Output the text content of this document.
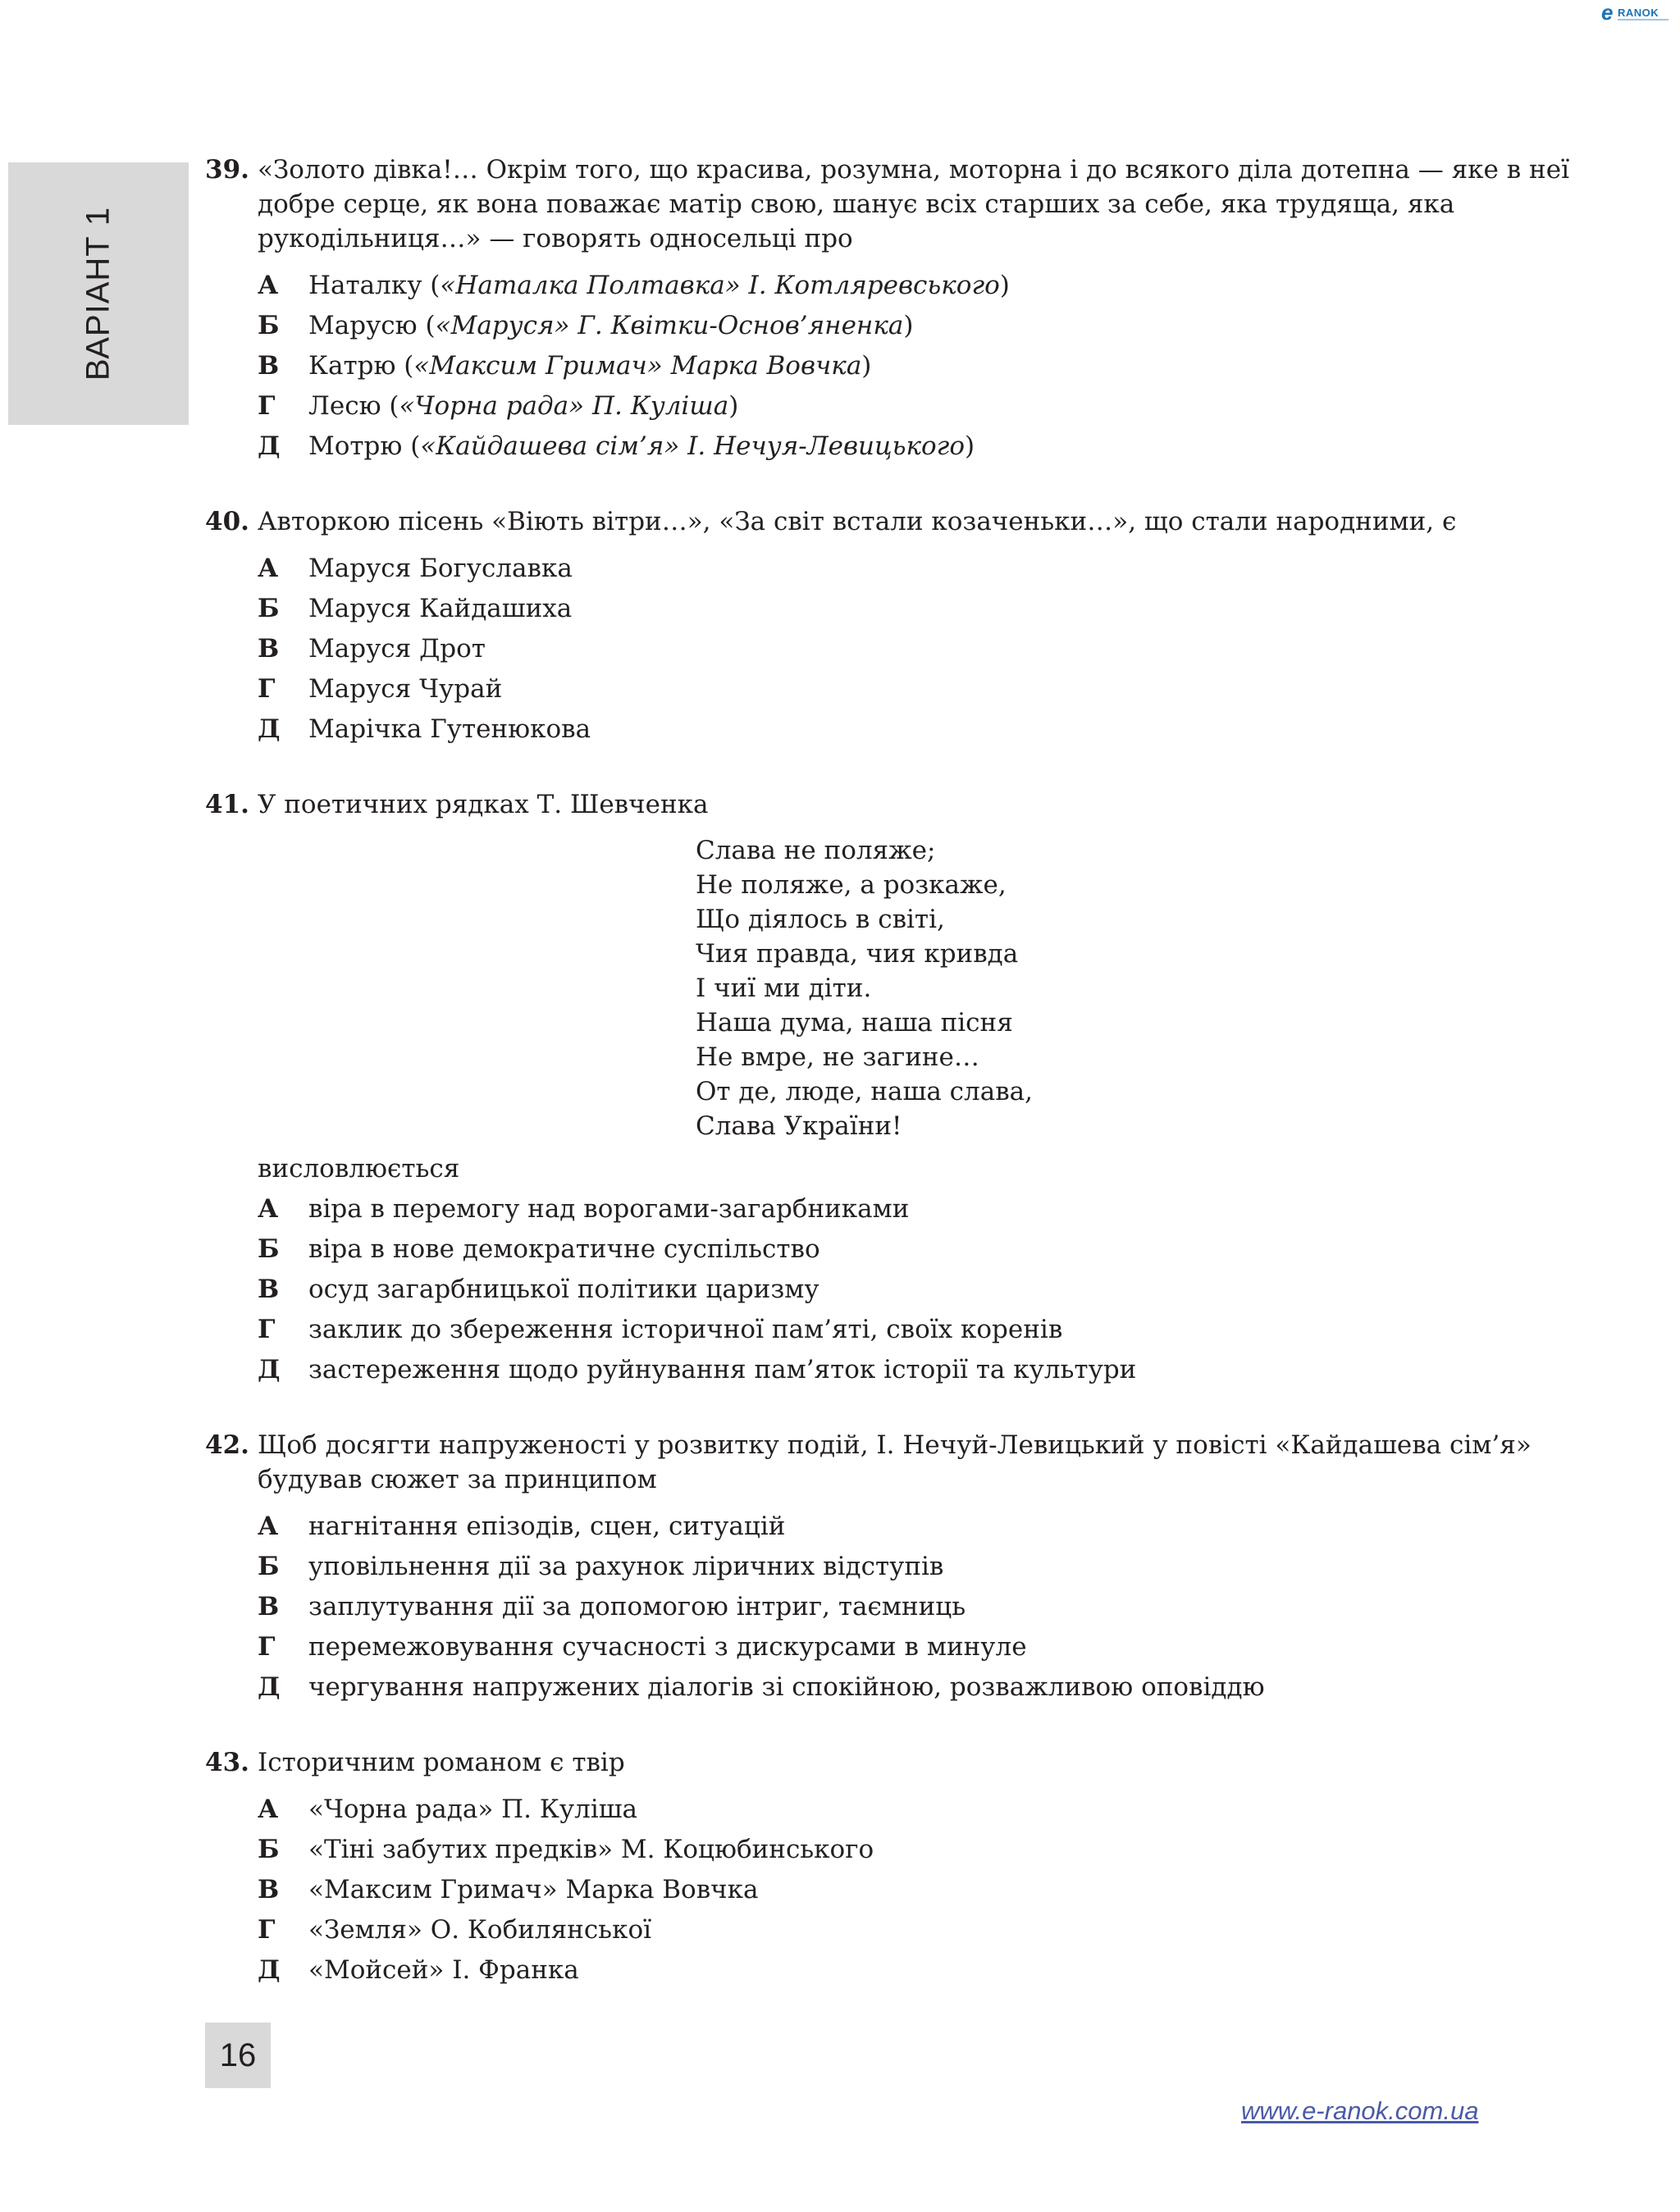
e RANOK
ВАРІАНТ 1
39. «Золото дівка!… Окрім того, що красива, розумна, моторна і до всякого діла дотепна — яке в неї добре серце, як вона поважає матір свою, шанує всіх старших за себе, яка трудяща, яка рукодільниця…» — говорять односельці про
А Наталку («Наталка Полтавка» І. Котляревського)
Б Марусю («Маруся» Г. Квітки-Основ’яненка)
В Катрю («Максим Гримач» Марка Вовчка)
Г Лесю («Чорна рада» П. Куліша)
Д Мотрю («Кайдашева сім’я» І. Нечуя-Левицького)
40. Авторкою пісень «Віють вітри…», «За світ встали козаченьки…», що стали народними, є
А Маруся Богуславка
Б Маруся Кайдашиха
В Маруся Дрот
Г Маруся Чурай
Д Марічка Гутенюкова
41. У поетичних рядках Т. Шевченка
Слава не поляже;
Не поляже, а розкаже,
Що діялось в світі,
Чия правда, чия кривда
І чиї ми діти.
Наша дума, наша пісня
Не вмре, не загине…
От де, люде, наша слава,
Слава України!
висловлюється
А віра в перемогу над ворогами-загарбниками
Б віра в нове демократичне суспільство
В осуд загарбницької політики царизму
Г заклик до збереження історичної пам’яті, своїх коренів
Д застереження щодо руйнування пам’яток історії та культури
42. Щоб досягти напруженості у розвитку подій, І. Нечуй-Левицький у повісті «Кайдашева сім’я» будував сюжет за принципом
А нагнітання епізодів, сцен, ситуацій
Б уповільнення дії за рахунок ліричних відступів
В заплутування дії за допомогою інтриг, таємниць
Г перемежовування сучасності з дискурсами в минуле
Д чергування напружених діалогів зі спокійною, розважливою оповіддю
43. Історичним романом є твір
А «Чорна рада» П. Куліша
Б «Тіні забутих предків» М. Коцюбинського
В «Максим Гримач» Марка Вовчка
Г «Земля» О. Кобилянської
Д «Мойсей» І. Франка
16
www.e-ranok.com.ua
